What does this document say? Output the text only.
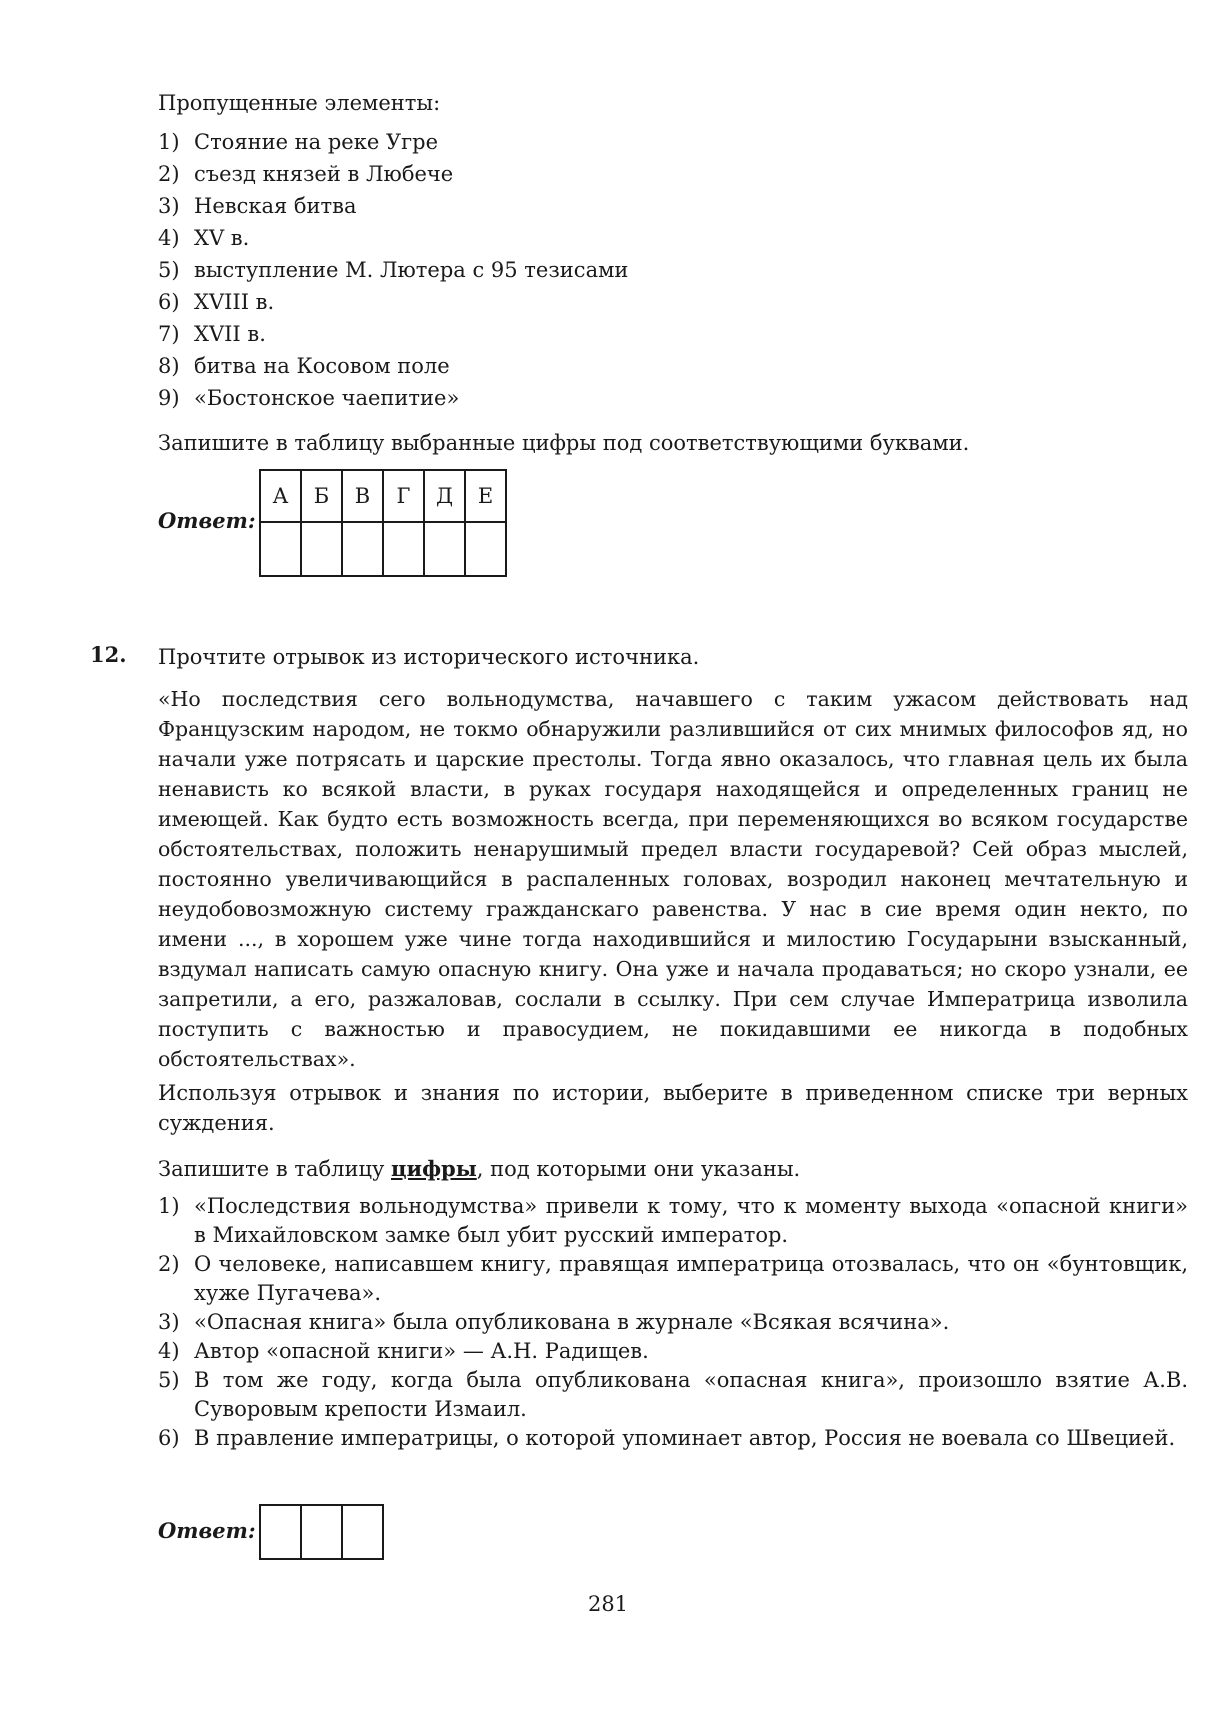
Пропущенные элементы:
1) Стояние на реке Угре
2) съезд князей в Любече
3) Невская битва
4) XV в.
5) выступление М. Лютера с 95 тезисами
6) XVIII в.
7) XVII в.
8) битва на Косовом поле
9) «Бостонское чаепитие»
Запишите в таблицу выбранные цифры под соответствующими буквами.
Ответ:
А	Б	В	Г	Д	Е

12. Прочтите отрывок из исторического источника.
«Но последствия сего вольнодумства, начавшего с таким ужасом действовать над Французским народом, не токмо обнаружили разлившийся от сих мнимых философов яд, но начали уже потрясать и царские престолы. Тогда явно оказалось, что главная цель их была ненависть ко всякой власти, в руках государя находящейся и определенных границ не имеющей. Как будто есть возможность всегда, при переменяющихся во всяком государстве обстоятельствах, положить ненарушимый предел власти государевой? Сей образ мыслей, постоянно увеличивающийся в распаленных головах, возродил наконец мечтательную и неудобовозможную систему гражданскаго равенства. У нас в сие время один некто, по имени ..., в хорошем уже чине тогда находившийся и милостию Государыни взысканный, вздумал написать самую опасную книгу. Она уже и начала продаваться; но скоро узнали, ее запретили, а его, разжаловав, сослали в ссылку. При сем случае Императрица изволила поступить с важностью и правосудием, не покидавшими ее никогда в подобных обстоятельствах».
Используя отрывок и знания по истории, выберите в приведенном списке три верных суждения.
Запишите в таблицу цифры, под которыми они указаны.
1) «Последствия вольнодумства» привели к тому, что к моменту выхода «опасной книги» в Михайловском замке был убит русский император.
2) О человеке, написавшем книгу, правящая императрица отозвалась, что он «бунтовщик, хуже Пугачева».
3) «Опасная книга» была опубликована в журнале «Всякая всячина».
4) Автор «опасной книги» — А.Н. Радищев.
5) В том же году, когда была опубликована «опасная книга», произошло взятие А.В. Суворовым крепости Измаил.
6) В правление императрицы, о которой упоминает автор, Россия не воевала со Швецией.
Ответ:

281
